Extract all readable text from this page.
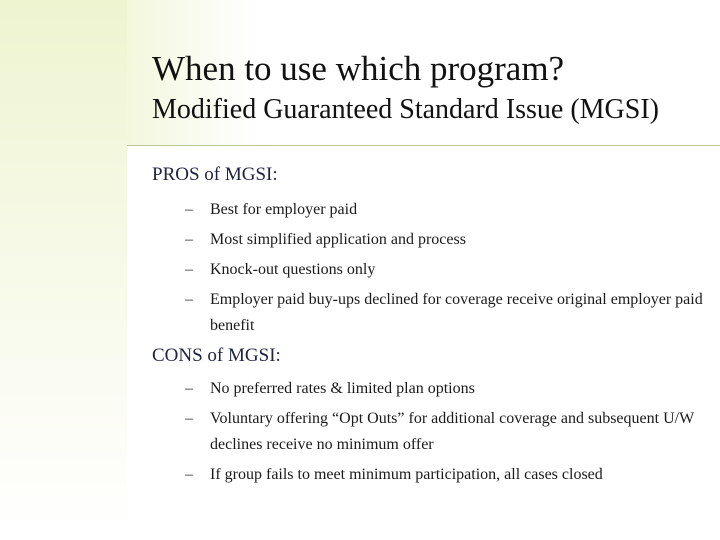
When to use which program?
Modified Guaranteed Standard Issue (MGSI)
PROS of MGSI:
–	Best for employer paid
–	Most simplified application and process
–	Knock-out questions only
–	Employer paid buy-ups declined for coverage receive original employer paid benefit
CONS of MGSI:
–	No preferred rates & limited plan options
–	Voluntary offering “Opt Outs” for additional coverage and subsequent U/W declines receive no minimum offer
–	If group fails to meet minimum participation, all cases closed
